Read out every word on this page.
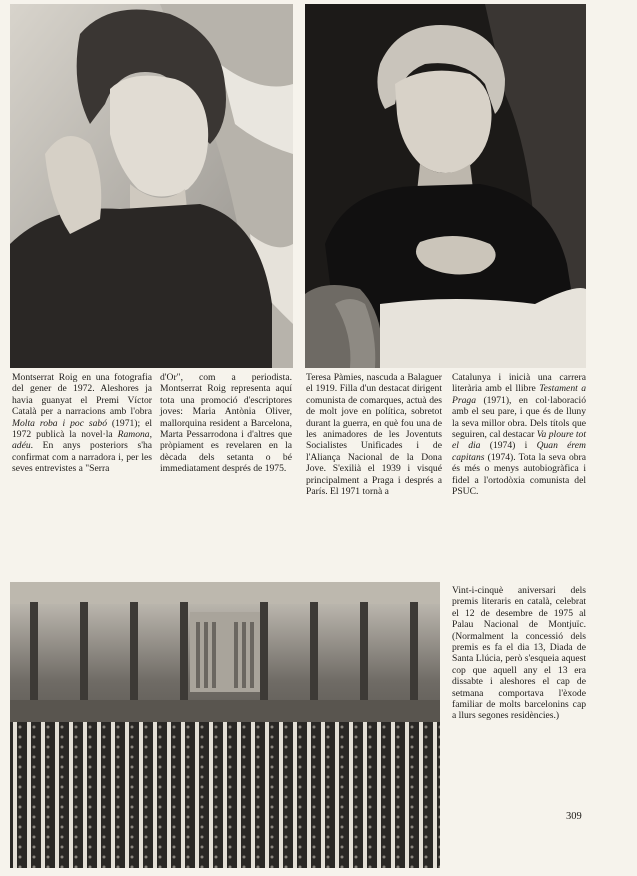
Montserrat Roig en una fotografia del gener de 1972. Aleshores ja havia guanyat el Premi Víctor Català per a narracions amb l'obra Molta roba i poc sabó (1971); el 1972 publicà la novel·la Ramona, adéu. En anys posteriors s'ha confirmat com a narradora i, per les seves entrevistes a "Serra

d'Or", com a periodista. Montserrat Roig representa aquí tota una promoció d'escriptores joves: Maria Antònia Oliver, mallorquina resident a Barcelona, Marta Pessarrodona i d'altres que pròpiament es revelaren en la dècada dels setanta o bé immediatament després de 1975.

Teresa Pàmies, nascuda a Balaguer el 1919. Filla d'un destacat dirigent comunista de comarques, actuà des de molt jove en política, sobretot durant la guerra, en què fou una de les animadores de les Joventuts Socialistes Unificades i de l'Aliança Nacional de la Dona Jove. S'exilià el 1939 i visqué principalment a Praga i després a París. El 1971 tornà a

Catalunya i inicià una carrera literària amb el llibre Testament a Praga (1971), en col·laboració amb el seu pare, i que és de lluny la seva millor obra. Dels títols que seguiren, cal destacar Va ploure tot el dia (1974) i Quan érem capitans (1974). Tota la seva obra és més o menys autobiogràfica i fidel a l'ortodòxia comunista del PSUC.

Vint-i-cinquè aniversari dels premis literaris en català, celebrat el 12 de desembre de 1975 al Palau Nacional de Montjuïc. (Normalment la concessió dels premis es fa el dia 13, Diada de Santa Llúcia, però s'esqueia aquest cop que aquell any el 13 era dissabte i aleshores el cap de setmana comportava l'èxode familiar de molts barcelonins cap a llurs segones residències.)

309
